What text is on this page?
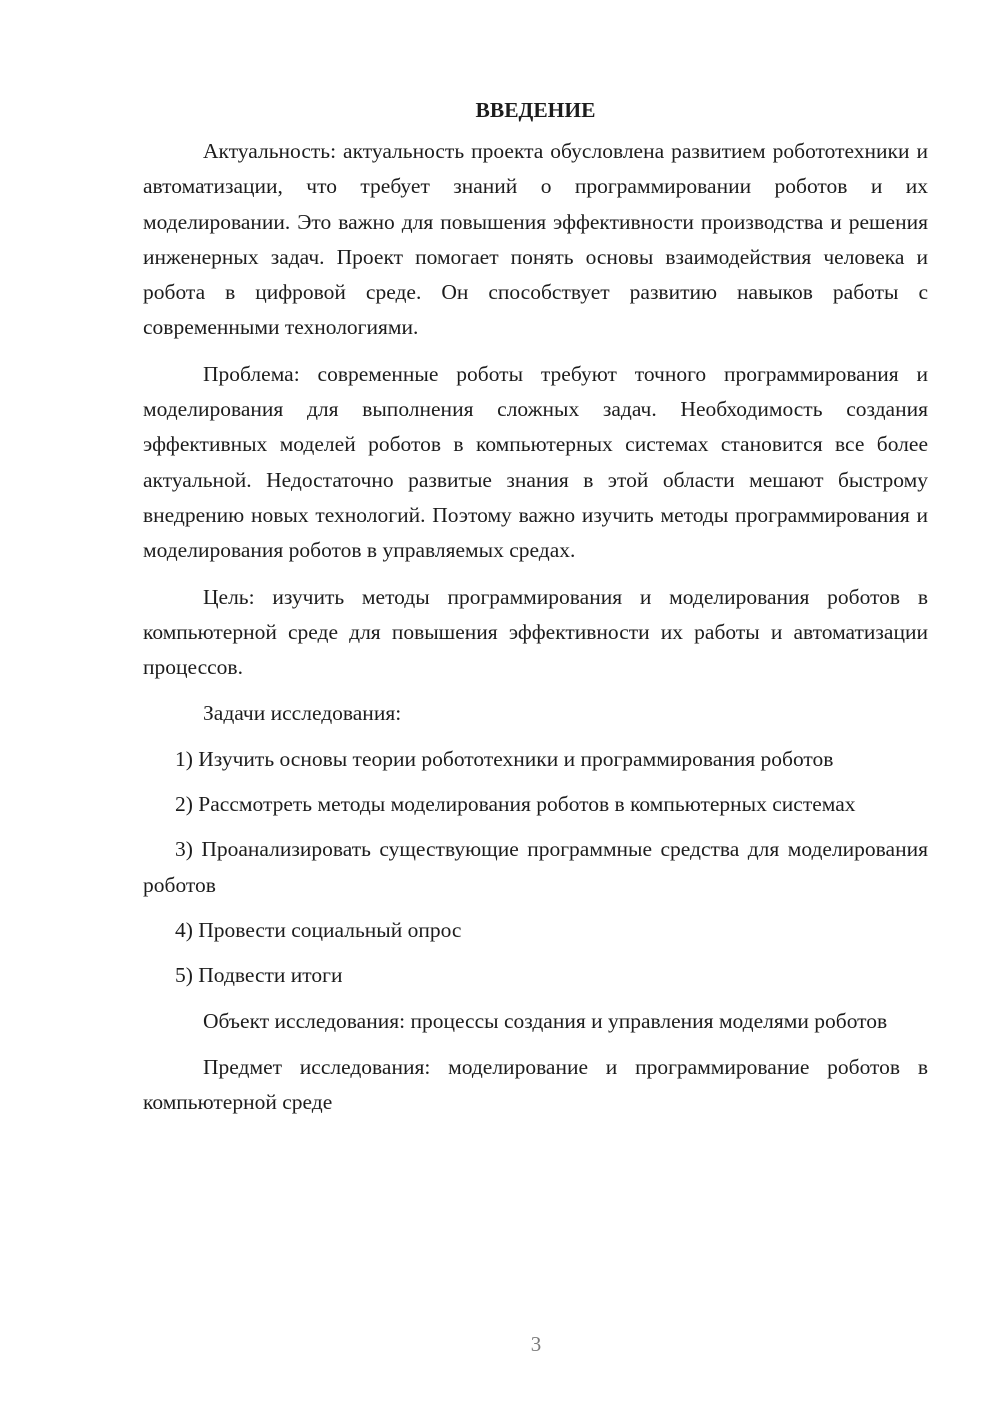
ВВЕДЕНИЕ

Актуальность: актуальность проекта обусловлена развитием робототехники и автоматизации, что требует знаний о программировании роботов и их моделировании. Это важно для повышения эффективности производства и решения инженерных задач. Проект помогает понять основы взаимодействия человека и робота в цифровой среде. Он способствует развитию навыков работы с современными технологиями.

Проблема: современные роботы требуют точного программирования и моделирования для выполнения сложных задач. Необходимость создания эффективных моделей роботов в компьютерных системах становится все более актуальной. Недостаточно развитые знания в этой области мешают быстрому внедрению новых технологий. Поэтому важно изучить методы программирования и моделирования роботов в управляемых средах.

Цель: изучить методы программирования и моделирования роботов в компьютерной среде для повышения эффективности их работы и автоматизации процессов.

Задачи исследования:

1) Изучить основы теории робототехники и программирования роботов

2) Рассмотреть методы моделирования роботов в компьютерных системах

3) Проанализировать существующие программные средства для моделирования роботов

4) Провести социальный опрос

5) Подвести итоги

Объект исследования: процессы создания и управления моделями роботов

Предмет исследования: моделирование и программирование роботов в компьютерной среде

3
